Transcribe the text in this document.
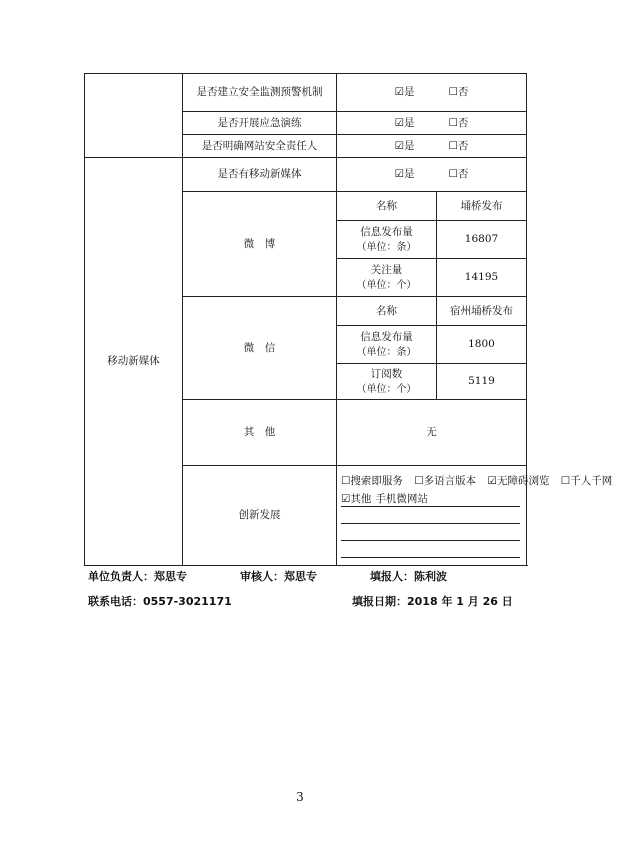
	是否建立安全监测预警机制	☑是 ☐否	
	是否开展应急演练	☑是 ☐否	
	是否明确网站安全责任人	☑是 ☐否	
移动新媒体	是否有移动新媒体	☑是 ☐否	
	微　博	名称	埇桥发布

		信息发布量
（单位：条）	16807

		关注量
（单位：个）	14195
	微　信	名称	宿州埇桥发布

		信息发布量
（单位：条）	1800

		订阅数
（单位：个）	5119
	其　他	无	
	创新发展	☐搜索即服务 ☐多语言版本 ☑无障碍浏览 ☐千人千网
☑其他 手机微网站	
单位负责人：郑思专	审核人：郑思专	填报人：陈利波
联系电话：0557-3021171	填报日期：2018 年 1 月 26 日
3
